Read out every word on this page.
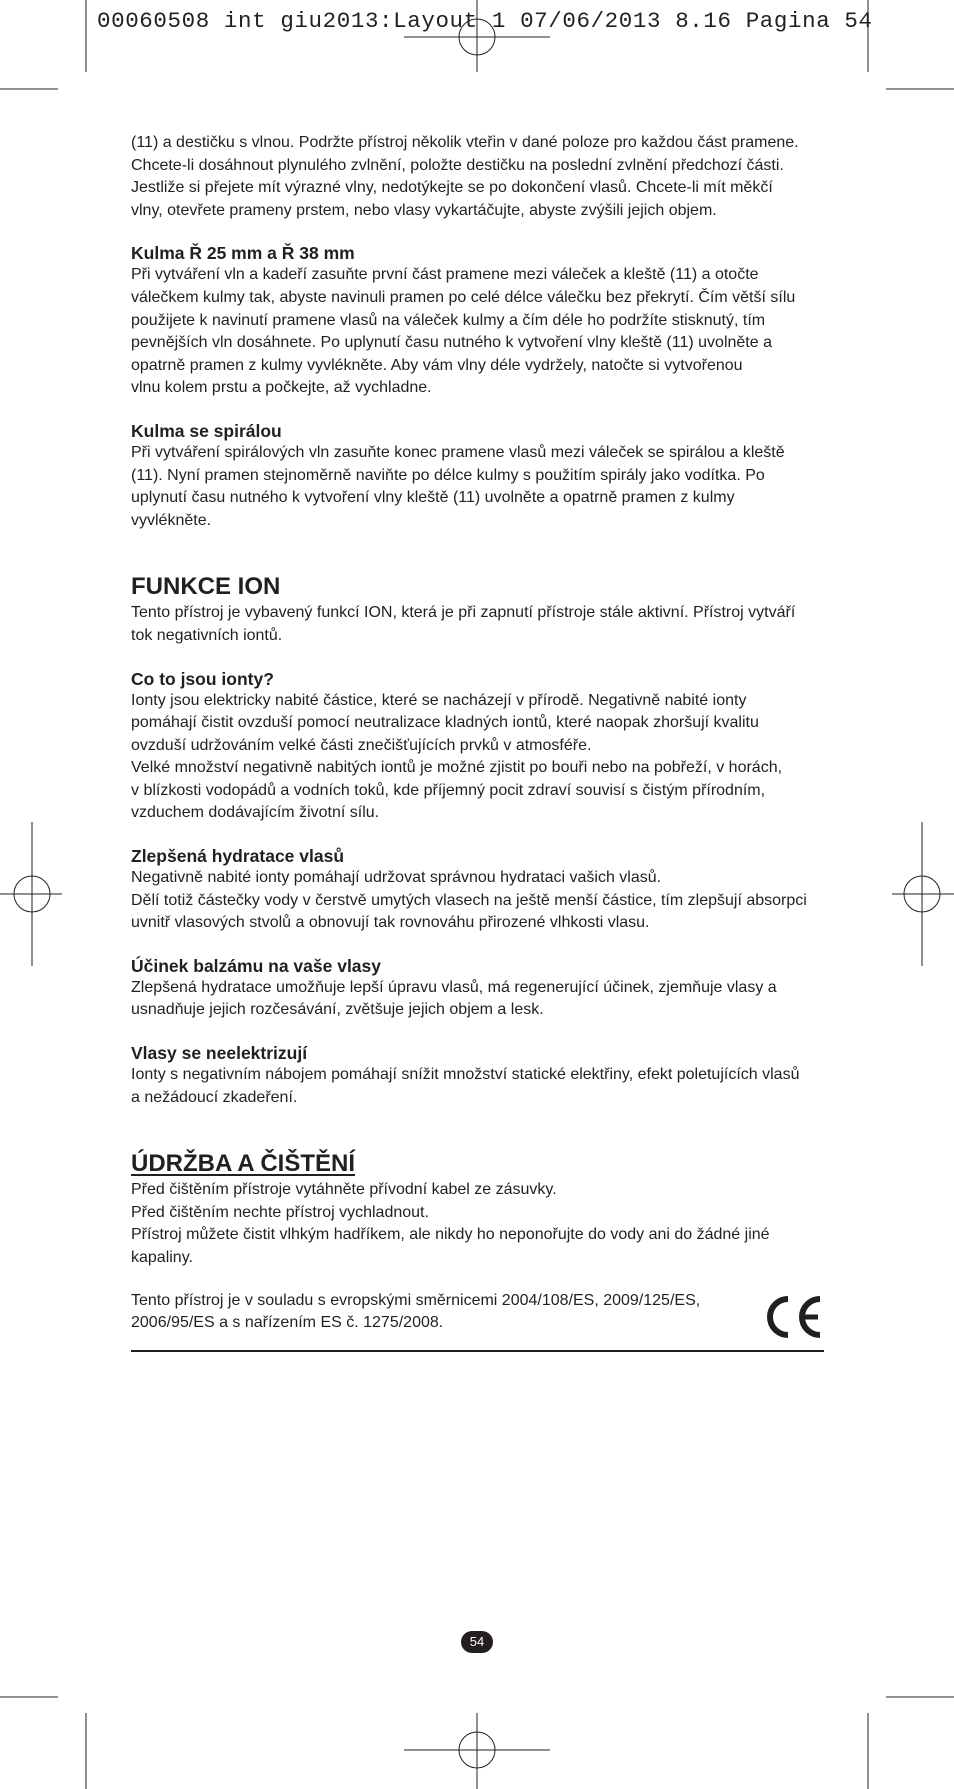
00060508 int giu2013:Layout 1 07/06/2013 8.16 Pagina 54
(11) a destičku s vlnou. Podržte přístroj několik vteřin v dané poloze pro každou část pramene.
Chcete-li dosáhnout plynulého zvlnění, položte destičku na poslední zvlnění předchozí části.
Jestliže si přejete mít výrazné vlny, nedotýkejte se po dokončení vlasů. Chcete-li mít měkčí
vlny, otevřete prameny prstem, nebo vlasy vykartáčujte, abyste zvýšili jejich objem.
Kulma Ř 25 mm a Ř 38 mm
Při vytváření vln a kadeří zasuňte první část pramene mezi váleček a kleště (11) a otočte
válečkem kulmy tak, abyste navinuli pramen po celé délce válečku bez překrytí. Čím větší sílu
použijete k navinutí pramene vlasů na váleček kulmy a čím déle ho podržíte stisknutý, tím
pevnějších vln dosáhnete. Po uplynutí času nutného k vytvoření vlny kleště (11) uvolněte a
opatrně pramen z kulmy vyvlékněte. Aby vám vlny déle vydržely, natočte si vytvořenou
vlnu kolem prstu a počkejte, až vychladne.
Kulma se spirálou
Při vytváření spirálových vln zasuňte konec pramene vlasů mezi váleček se spirálou a kleště
(11). Nyní pramen stejnoměrně naviňte po délce kulmy s použitím spirály jako vodítka. Po
uplynutí času nutného k vytvoření vlny kleště (11) uvolněte a opatrně pramen z kulmy
vyvlékněte.
FUNKCE ION
Tento přístroj je vybavený funkcí ION, která je při zapnutí přístroje stále aktivní. Přístroj vytváří
tok negativních iontů.
Co to jsou ionty?
Ionty jsou elektricky nabité částice, které se nacházejí v přírodě. Negativně nabité ionty
pomáhají čistit ovzduší pomocí neutralizace kladných iontů, které naopak zhoršují kvalitu
ovzduší udržováním velké části znečišťujících prvků v atmosféře.
Velké množství negativně nabitých iontů je možné zjistit po bouři nebo na pobřeží, v horách,
v blízkosti vodopádů a vodních toků, kde příjemný pocit zdraví souvisí s čistým přírodním,
vzduchem dodávajícím životní sílu.
Zlepšená hydratace vlasů
Negativně nabité ionty pomáhají udržovat správnou hydrataci vašich vlasů.
Dělí totiž částečky vody v čerstvě umytých vlasech na ještě menší částice, tím zlepšují absorpci
uvnitř vlasových stvolů a obnovují tak rovnováhu přirozené vlhkosti vlasu.
Účinek balzámu na vaše vlasy
Zlepšená hydratace umožňuje lepší úpravu vlasů, má regenerující účinek, zjemňuje vlasy a
usnadňuje jejich rozčesávání, zvětšuje jejich objem a lesk.
Vlasy se neelektrizují
Ionty s negativním nábojem pomáhají snížit množství statické elektřiny, efekt poletujících vlasů
a nežádoucí zkadeření.
ÚDRŽBA A ČIŠTĚNÍ
Před čištěním přístroje vytáhněte přívodní kabel ze zásuvky.
Před čištěním nechte přístroj vychladnout.
Přístroj můžete čistit vlhkým hadříkem, ale nikdy ho neponořujte do vody ani do žádné jiné
kapaliny.
Tento přístroj je v souladu s evropskými směrnicemi 2004/108/ES, 2009/125/ES,
2006/95/ES a s nařízením ES č. 1275/2008.
54
